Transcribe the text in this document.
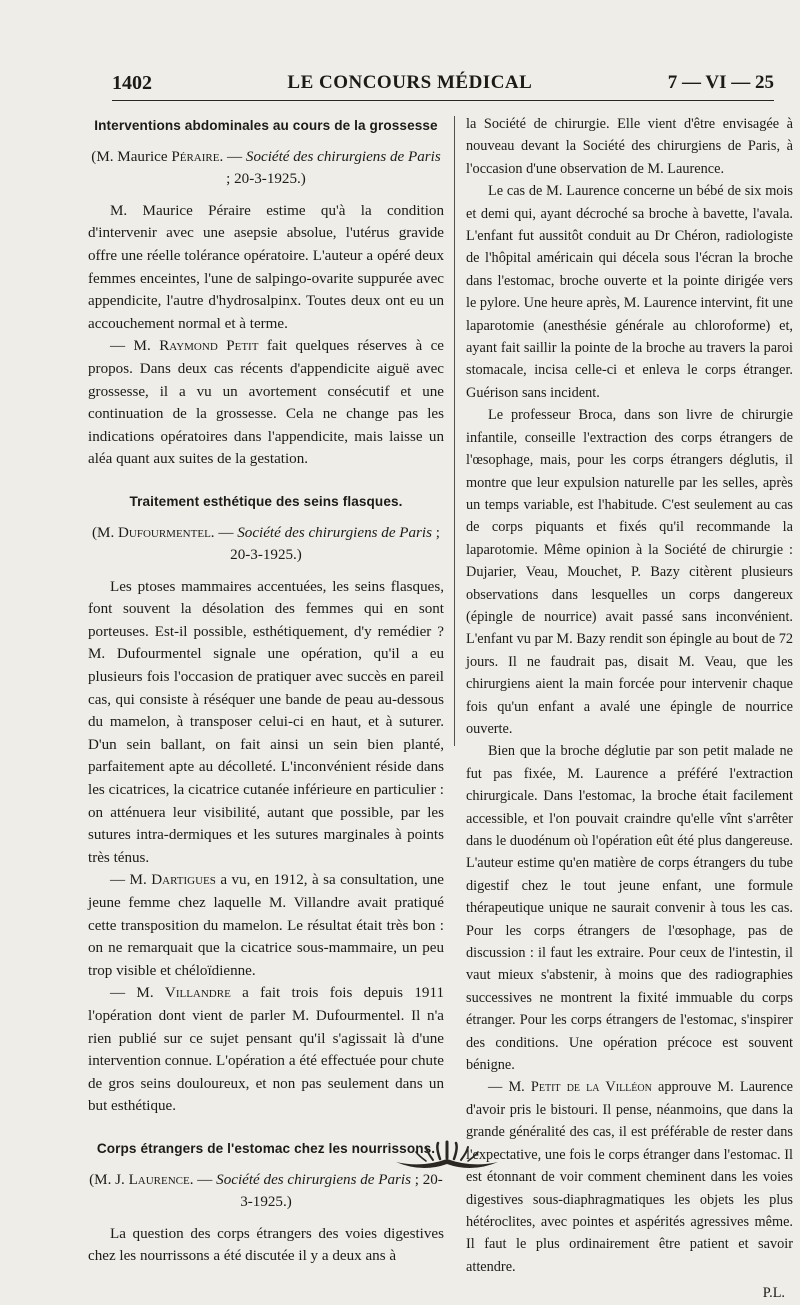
1402	LE CONCOURS MÉDICAL	7 — VI — 25
Interventions abdominales au cours de la grossesse

(M. Maurice Péraire. — Société des chirurgiens de Paris ; 20-3-1925.)

M. Maurice Péraire estime qu'à la condition d'intervenir avec une asepsie absolue, l'utérus gravide offre une réelle tolérance opératoire. L'auteur a opéré deux femmes enceintes, l'une de salpingo-ovarite suppurée avec appendicite, l'autre d'hydrosalpinx. Toutes deux ont eu un accouchement normal et à terme.

— M. Raymond Petit fait quelques réserves à ce propos. Dans deux cas récents d'appendicite aiguë avec grossesse, il a vu un avortement consécutif et une continuation de la grossesse. Cela ne change pas les indications opératoires dans l'appendicite, mais laisse un aléa quant aux suites de la gestation.

Traitement esthétique des seins flasques.

(M. Dufourmentel. — Société des chirurgiens de Paris ; 20-3-1925.)

Les ptoses mammaires accentuées, les seins flasques, font souvent la désolation des femmes qui en sont porteuses. Est-il possible, esthétiquement, d'y remédier ? M. Dufourmentel signale une opération, qu'il a eu plusieurs fois l'occasion de pratiquer avec succès en pareil cas, qui consiste à réséquer une bande de peau au-dessous du mamelon, à transposer celui-ci en haut, et à suturer. D'un sein ballant, on fait ainsi un sein bien planté, parfaitement apte au décolleté. L'inconvénient réside dans les cicatrices, la cicatrice cutanée inférieure en particulier : on atténuera leur visibilité, autant que possible, par les sutures intra-dermiques et les sutures marginales à points très ténus.

— M. Dartigues a vu, en 1912, à sa consultation, une jeune femme chez laquelle M. Villandre avait pratiqué cette transposition du mamelon. Le résultat était très bon : on ne remarquait que la cicatrice sous-mammaire, un peu trop visible et chéloïdienne.

— M. Villandre a fait trois fois depuis 1911 l'opération dont vient de parler M. Dufourmentel. Il n'a rien publié sur ce sujet pensant qu'il s'agissait là d'une intervention connue. L'opération a été effectuée pour chute de gros seins douloureux, et non pas seulement dans un but esthétique.

Corps étrangers de l'estomac chez les nourrissons.

(M. J. Laurence. — Société des chirurgiens de Paris ; 20-3-1925.)

La question des corps étrangers des voies digestives chez les nourrissons a été discutée il y a deux ans à

la Société de chirurgie. Elle vient d'être envisagée à nouveau devant la Société des chirurgiens de Paris, à l'occasion d'une observation de M. Laurence.

Le cas de M. Laurence concerne un bébé de six mois et demi qui, ayant décroché sa broche à bavette, l'avala. L'enfant fut aussitôt conduit au Dr Chéron, radiologiste de l'hôpital américain qui décela sous l'écran la broche dans l'estomac, broche ouverte et la pointe dirigée vers le pylore. Une heure après, M. Laurence intervint, fit une laparotomie (anesthésie générale au chloroforme) et, ayant fait saillir la pointe de la broche au travers la paroi stomacale, incisa celle-ci et enleva le corps étranger. Guérison sans incident.

Le professeur Broca, dans son livre de chirurgie infantile, conseille l'extraction des corps étrangers de l'œsophage, mais, pour les corps étrangers déglutis, il montre que leur expulsion naturelle par les selles, après un temps variable, est l'habitude. C'est seulement au cas de corps piquants et fixés qu'il recommande la laparotomie. Même opinion à la Société de chirurgie : Dujarier, Veau, Mouchet, P. Bazy citèrent plusieurs observations dans lesquelles un corps dangereux (épingle de nourrice) avait passé sans inconvénient. L'enfant vu par M. Bazy rendit son épingle au bout de 72 jours. Il ne faudrait pas, disait M. Veau, que les chirurgiens aient la main forcée pour intervenir chaque fois qu'un enfant a avalé une épingle de nourrice ouverte.

Bien que la broche déglutie par son petit malade ne fut pas fixée, M. Laurence a préféré l'extraction chirurgicale. Dans l'estomac, la broche était facilement accessible, et l'on pouvait craindre qu'elle vînt s'arrêter dans le duodénum où l'opération eût été plus dangereuse. L'auteur estime qu'en matière de corps étrangers du tube digestif chez le tout jeune enfant, une formule thérapeutique unique ne saurait convenir à tous les cas. Pour les corps étrangers de l'œsophage, pas de discussion : il faut les extraire. Pour ceux de l'intestin, il vaut mieux s'abstenir, à moins que des radiographies successives ne montrent la fixité immuable du corps étranger. Pour les corps étrangers de l'estomac, s'inspirer des conditions. Une opération précoce est souvent bénigne.

— M. Petit de la Villéon approuve M. Laurence d'avoir pris le bistouri. Il pense, néanmoins, que dans la grande généralité des cas, il est préférable de rester dans l'expectative, une fois le corps étranger dans l'estomac. Il est étonnant de voir comment cheminent dans les voies digestives sous-diaphragmatiques les objets les plus hétéroclites, avec pointes et aspérités agressives même. Il faut le plus ordinairement être patient et savoir attendre.

P.L.
